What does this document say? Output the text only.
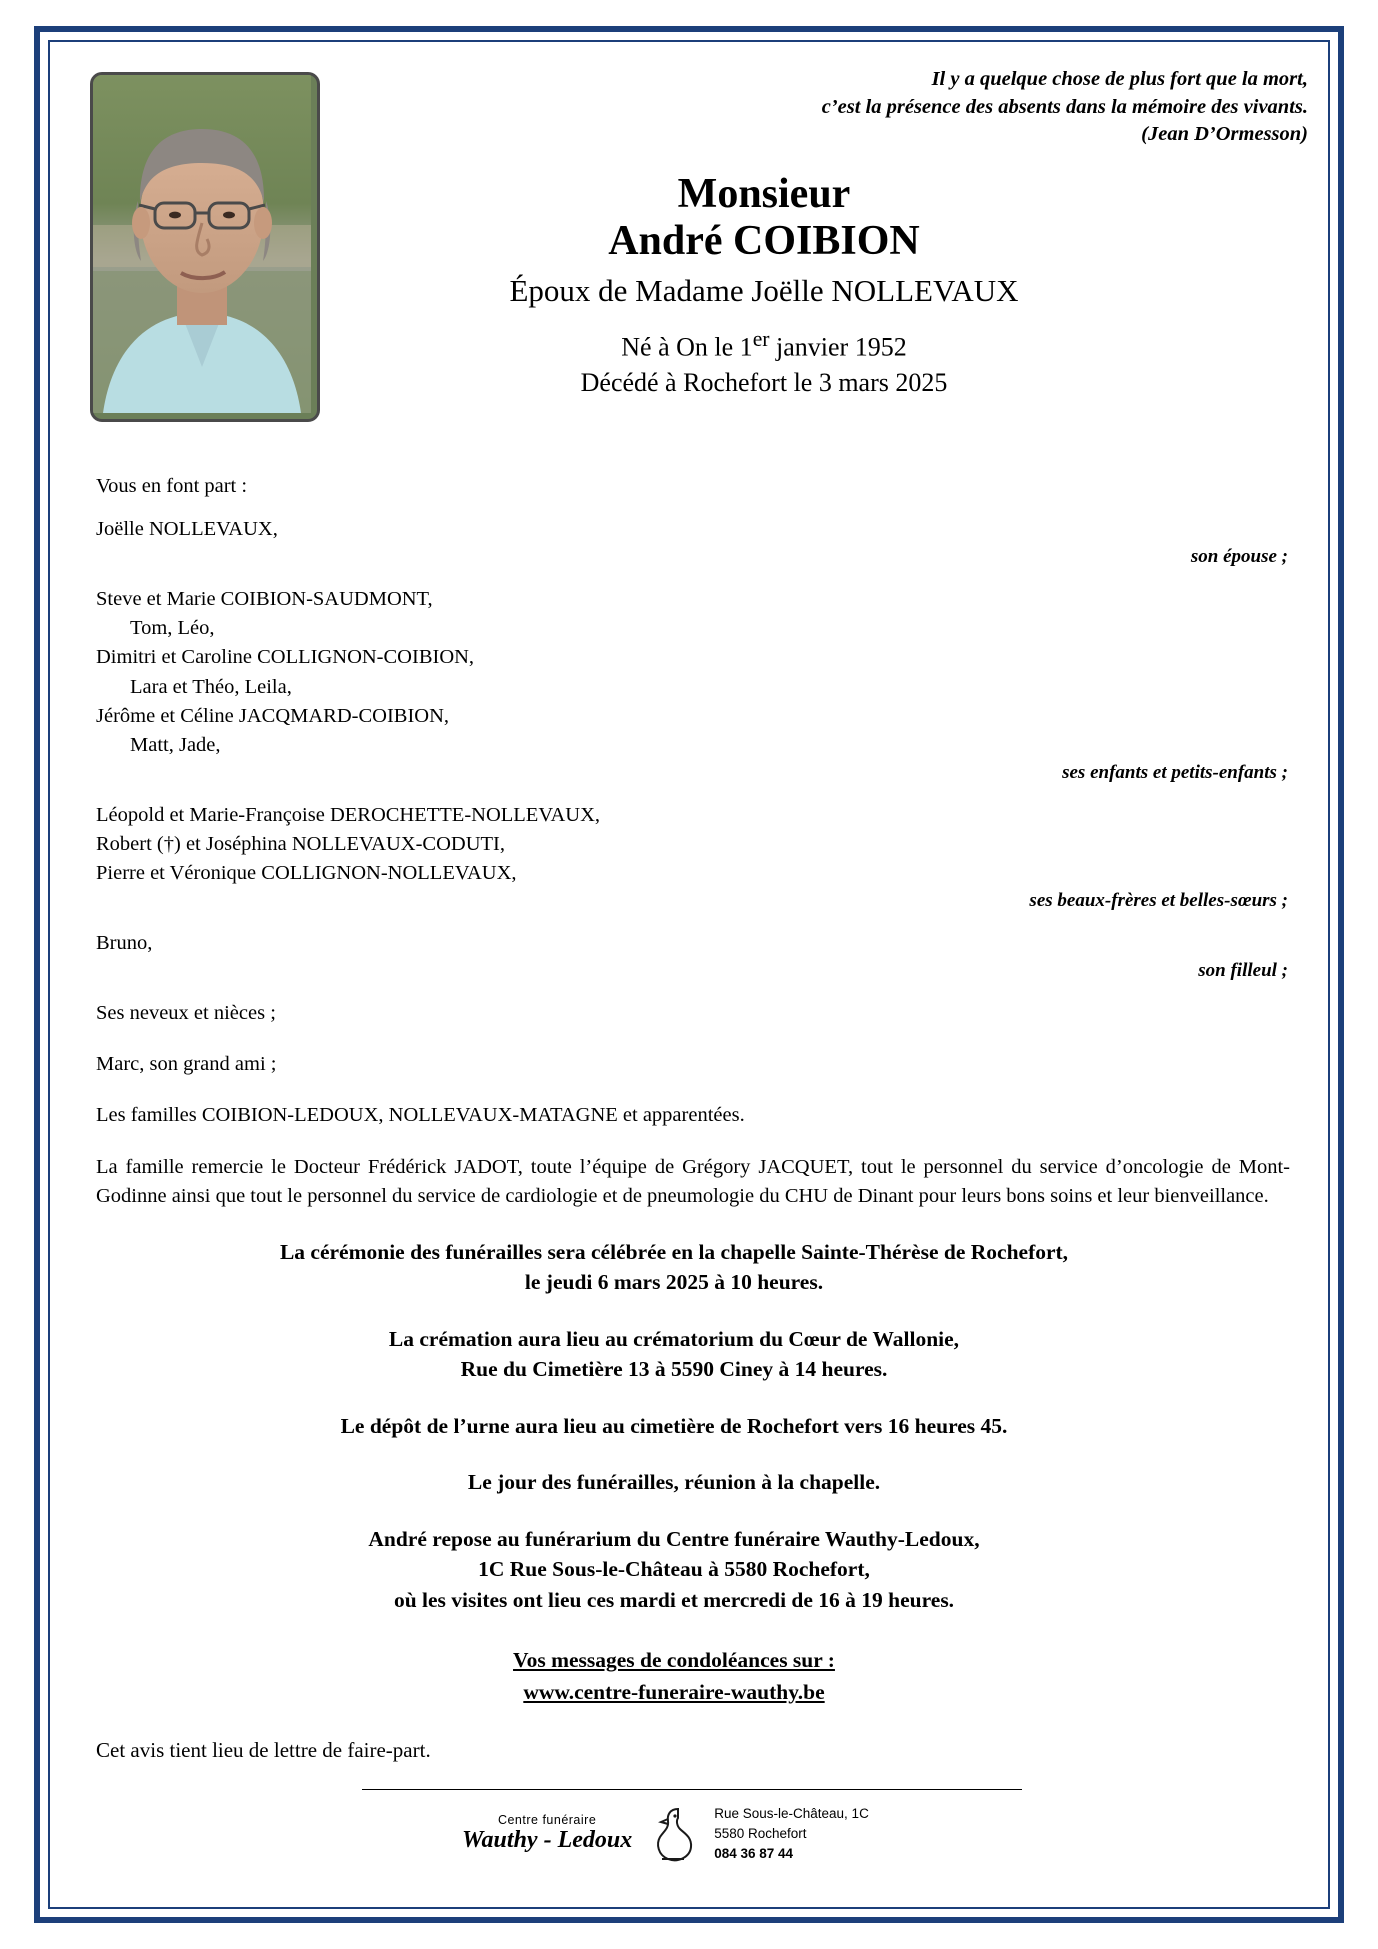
Il y a quelque chose de plus fort que la mort,
c’est la présence des absents dans la mémoire des vivants.
(Jean D’Ormesson)
Monsieur
André COIBION
Époux de Madame Joëlle NOLLEVAUX
Né à On le 1er janvier 1952
Décédé à Rochefort le 3 mars 2025
Vous en font part :
Joëlle NOLLEVAUX,
son épouse ;
Steve et Marie COIBION-SAUDMONT,
Tom, Léo,
Dimitri et Caroline COLLIGNON-COIBION,
Lara et Théo, Leila,
Jérôme et Céline JACQMARD-COIBION,
Matt, Jade,
ses enfants et petits-enfants ;
Léopold et Marie-Françoise DEROCHETTE-NOLLEVAUX,
Robert (†) et Joséphina NOLLEVAUX-CODUTI,
Pierre et Véronique COLLIGNON-NOLLEVAUX,
ses beaux-frères et belles-sœurs ;
Bruno,
son filleul ;
Ses neveux et nièces ;
Marc, son grand ami ;
Les familles COIBION-LEDOUX, NOLLEVAUX-MATAGNE et apparentées.
La famille remercie le Docteur Frédérick JADOT, toute l’équipe de Grégory JACQUET, tout le personnel du service d’oncologie de Mont-Godinne ainsi que tout le personnel du service de cardiologie et de pneumologie du CHU de Dinant pour leurs bons soins et leur bienveillance.
La cérémonie des funérailles sera célébrée en la chapelle Sainte-Thérèse de Rochefort,
le jeudi 6 mars 2025 à 10 heures.
La crémation aura lieu au crématorium du Cœur de Wallonie,
Rue du Cimetière 13 à 5590 Ciney à 14 heures.
Le dépôt de l’urne aura lieu au cimetière de Rochefort vers 16 heures 45.
Le jour des funérailles, réunion à la chapelle.
André repose au funérarium du Centre funéraire Wauthy-Ledoux,
1C Rue Sous-le-Château à 5580 Rochefort,
où les visites ont lieu ces mardi et mercredi de 16 à 19 heures.
Vos messages de condoléances sur :
www.centre-funeraire-wauthy.be
Cet avis tient lieu de lettre de faire-part.
Centre funéraire
Wauthy - Ledoux
Rue Sous-le-Château, 1C
5580 Rochefort
084 36 87 44
